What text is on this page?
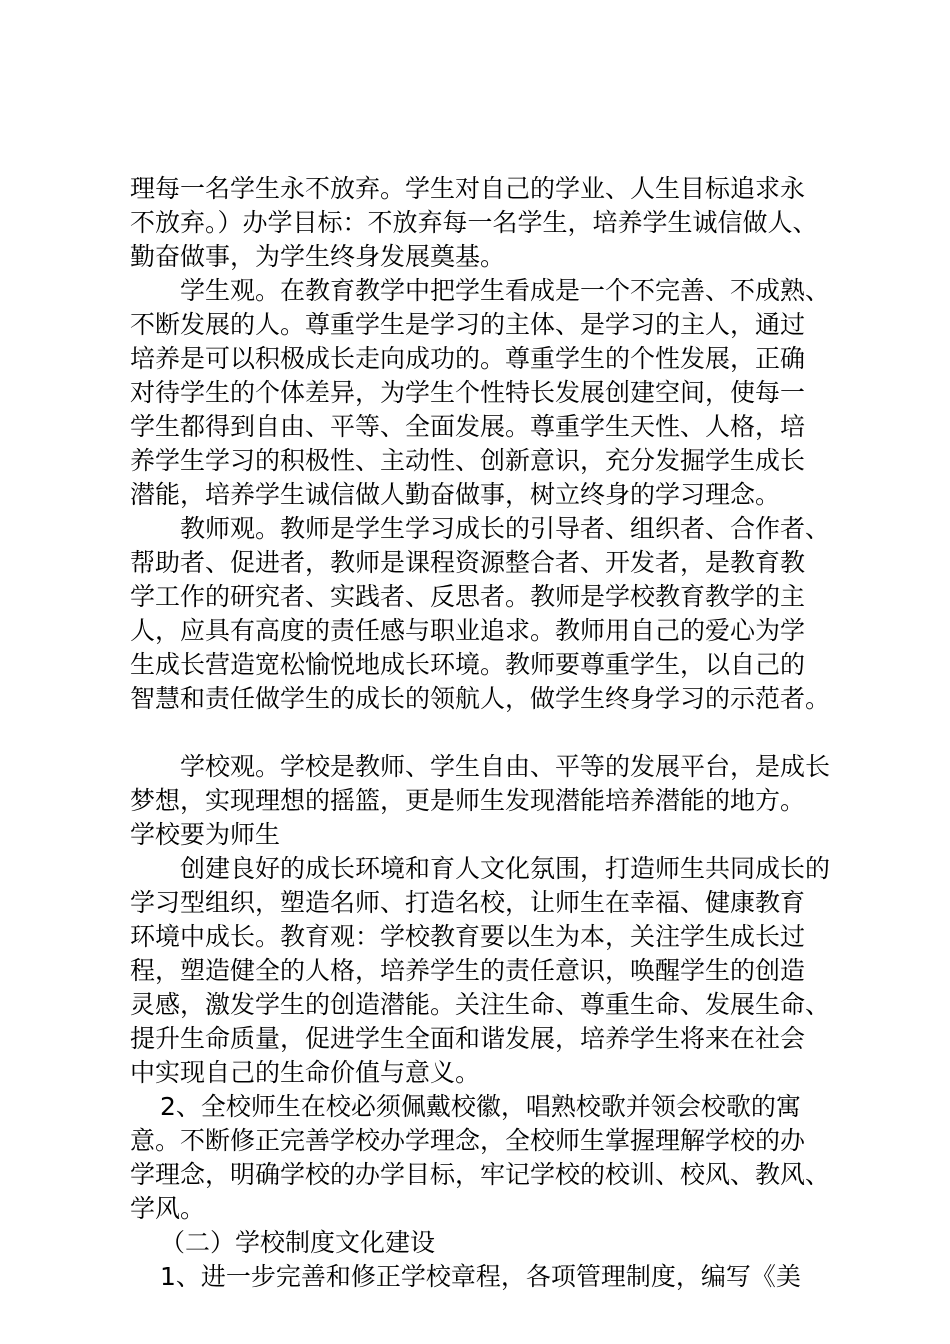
理每一名学生永不放弃。学生对自己的学业、人生目标追求永
不放弃。）办学目标：不放弃每一名学生，培养学生诚信做人、
勤奋做事，为学生终身发展奠基。
学生观。在教育教学中把学生看成是一个不完善、不成熟、
不断发展的人。尊重学生是学习的主体、是学习的主人，通过
培养是可以积极成长走向成功的。尊重学生的个性发展，正确
对待学生的个体差异，为学生个性特长发展创建空间，使每一
学生都得到自由、平等、全面发展。尊重学生天性、人格，培
养学生学习的积极性、主动性、创新意识，充分发掘学生成长
潜能，培养学生诚信做人勤奋做事，树立终身的学习理念。
教师观。教师是学生学习成长的引导者、组织者、合作者、
帮助者、促进者，教师是课程资源整合者、开发者，是教育教
学工作的研究者、实践者、反思者。教师是学校教育教学的主
人，应具有高度的责任感与职业追求。教师用自己的爱心为学
生成长营造宽松愉悦地成长环境。教师要尊重学生，以自己的
智慧和责任做学生的成长的领航人，做学生终身学习的示范者。
学校观。学校是教师、学生自由、平等的发展平台，是成长
梦想，实现理想的摇篮，更是师生发现潜能培养潜能的地方。
学校要为师生
创建良好的成长环境和育人文化氛围，打造师生共同成长的
学习型组织，塑造名师、打造名校，让师生在幸福、健康教育
环境中成长。教育观：学校教育要以生为本，关注学生成长过
程，塑造健全的人格，培养学生的责任意识，唤醒学生的创造
灵感，激发学生的创造潜能。关注生命、尊重生命、发展生命、
提升生命质量，促进学生全面和谐发展，培养学生将来在社会
中实现自己的生命价值与意义。
2、全校师生在校必须佩戴校徽，唱熟校歌并领会校歌的寓
意。不断修正完善学校办学理念，全校师生掌握理解学校的办
学理念，明确学校的办学目标，牢记学校的校训、校风、教风、
学风。
（二）学校制度文化建设
1、进一步完善和修正学校章程，各项管理制度，编写《美
